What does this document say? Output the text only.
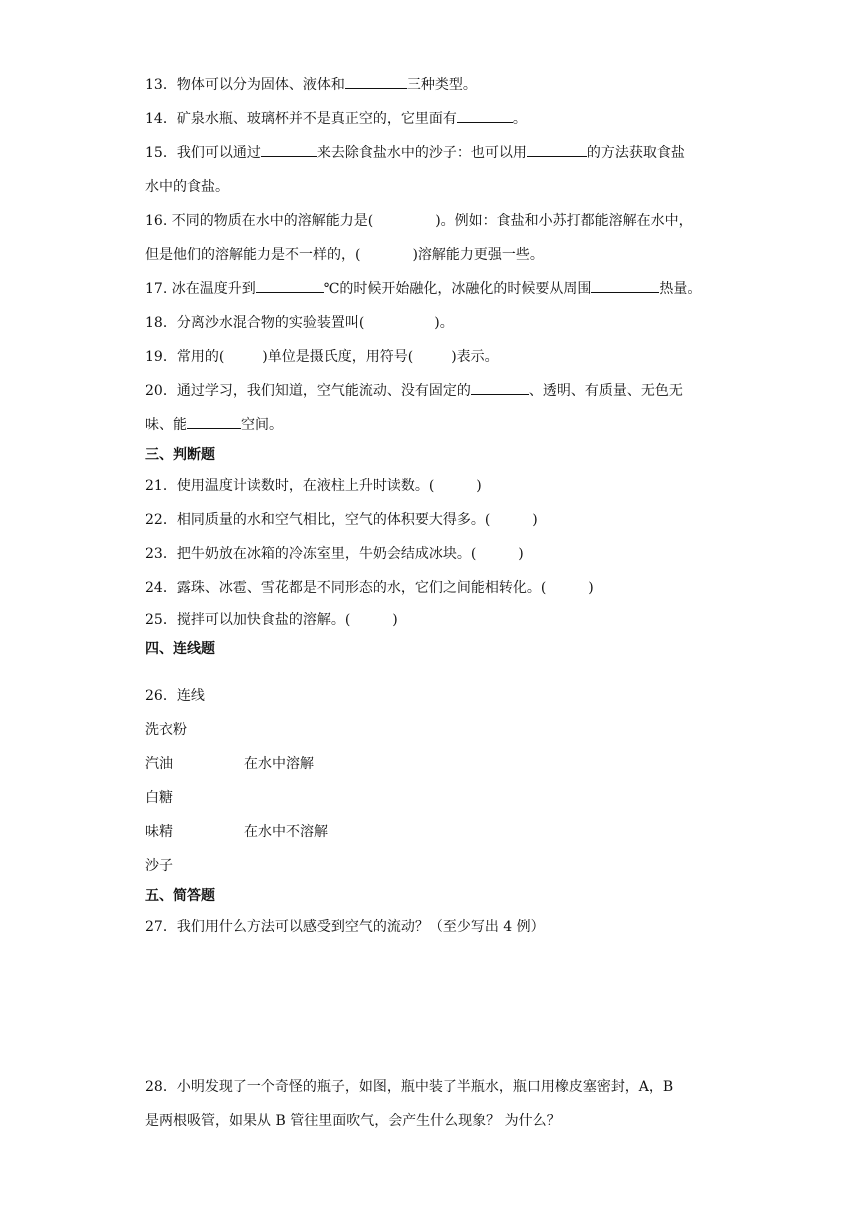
13．物体可以分为固体、液体和	三种类型。
14．矿泉水瓶、玻璃杯并不是真正空的，它里面有	。
15．我们可以通过	来去除食盐水中的沙子：也可以用	的方法获取食盐
水中的食盐。
16. 不同的物质在水中的溶解能力是(	)。例如：食盐和小苏打都能溶解在水中，
但是他们的溶解能力是不一样的，(	)溶解能力更强一些。
17. 冰在温度升到	℃的时候开始融化，冰融化的时候要从周围	热量。
18．分离沙水混合物的实验装置叫(	)。
19．常用的(	)单位是摄氏度，用符号(	)表示。
20．通过学习，我们知道，空气能流动、没有固定的	、透明、有质量、无色无
味、能	空间。
三、判断题
21．使用温度计读数时，在液柱上升时读数。(	)
22．相同质量的水和空气相比，空气的体积要大得多。(	)
23．把牛奶放在冰箱的冷冻室里，牛奶会结成冰块。(	)
24．露珠、冰雹、雪花都是不同形态的水，它们之间能相转化。(	)
25．搅拌可以加快食盐的溶解。(	)
四、连线题
26．连线
洗衣粉
汽油	在水中溶解
白糖
味精	在水中不溶解
沙子
五、简答题
27．我们用什么方法可以感受到空气的流动？（至少写出 4 例）
28．小明发现了一个奇怪的瓶子，如图，瓶中装了半瓶水，瓶口用橡皮塞密封，A，B
是两根吸管，如果从 B 管往里面吹气，会产生什么现象？ 为什么？
